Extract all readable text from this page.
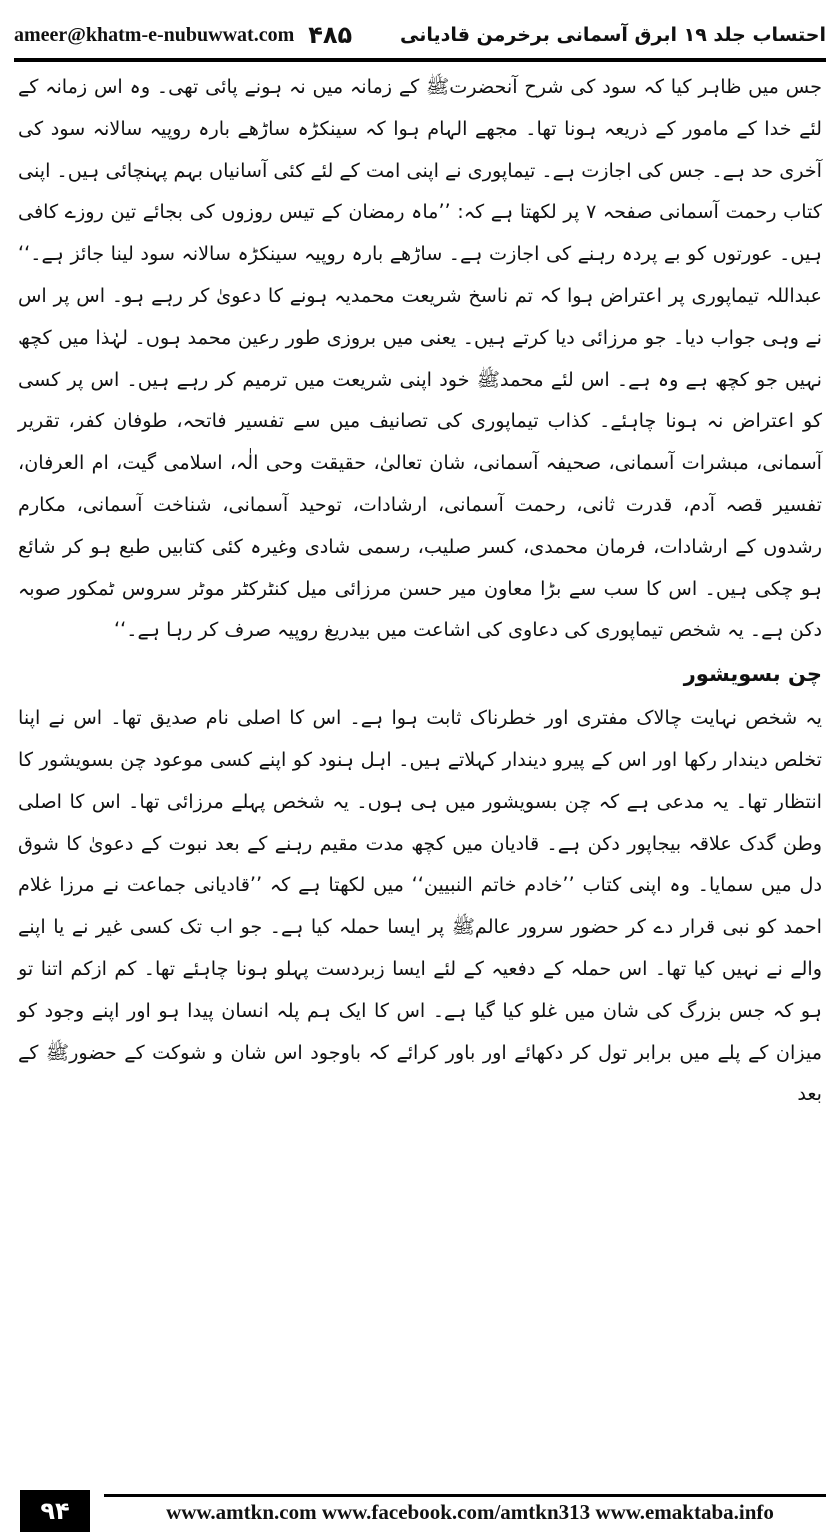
ameer@khatm-e-nubuwwat.com ۴۸۵	احتساب جلد ۱۹ ابرق آسمانی برخرمن قادیانی

جس میں ظاہر کیا کہ سود کی شرح آنحضرتﷺ کے زمانہ میں نہ ہونے پائی تھی۔ وہ اس زمانہ کے لئے خدا کے مامور کے ذریعہ ہونا تھا۔ مجھے الہام ہوا کہ سینکڑہ ساڑھے بارہ روپیہ سالانہ سود کی آخری حد ہے۔ جس کی اجازت ہے۔ تیماپوری نے اپنی امت کے لئے کئی آسانیاں بہم پہنچائی ہیں۔ اپنی کتاب رحمت آسمانی صفحہ ۷ پر لکھتا ہے کہ: ’’ماہ رمضان کے تیس روزوں کی بجائے تین روزے کافی ہیں۔ عورتوں کو بے پردہ رہنے کی اجازت ہے۔ ساڑھے بارہ روپیہ سینکڑہ سالانہ سود لینا جائز ہے۔‘‘ عبداللہ تیماپوری پر اعتراض ہوا کہ تم ناسخ شریعت محمدیہ ہونے کا دعویٰ کر رہے ہو۔ اس پر اس نے وہی جواب دیا۔ جو مرزائی دیا کرتے ہیں۔ یعنی میں بروزی طور رعین محمد ہوں۔ لہٰذا میں کچھ نہیں جو کچھ ہے وہ ہے۔ اس لئے محمدﷺ خود اپنی شریعت میں ترمیم کر رہے ہیں۔ اس پر کسی کو اعتراض نہ ہونا چاہئے۔ کذاب تیماپوری کی تصانیف میں سے تفسیر فاتحہ، طوفان کفر، تقریر آسمانی، مبشرات آسمانی، صحیفہ آسمانی، شان تعالیٰ، حقیقت وحی الٰہ، اسلامی گیت، ام العرفان، تفسیر قصہ آدم، قدرت ثانی، رحمت آسمانی، ارشادات، توحید آسمانی، شناخت آسمانی، مکارم رشدوں کے ارشادات، فرمان محمدی، کسر صلیب، رسمی شادی وغیرہ کئی کتابیں طبع ہو کر شائع ہو چکی ہیں۔ اس کا سب سے بڑا معاون میر حسن مرزائی میل کنٹرکٹر موٹر سروس ٹمکور صوبہ دکن ہے۔ یہ شخص تیماپوری کی دعاوی کی اشاعت میں بیدریغ روپیہ صرف کر رہا ہے۔‘‘

چن بسویشور

یہ شخص نہایت چالاک مفتری اور خطرناک ثابت ہوا ہے۔ اس کا اصلی نام صدیق تھا۔ اس نے اپنا تخلص دیندار رکھا اور اس کے پیرو دیندار کہلاتے ہیں۔ اہل ہنود کو اپنے کسی موعود چن بسویشور کا انتظار تھا۔ یہ مدعی ہے کہ چن بسویشور میں ہی ہوں۔ یہ شخص پہلے مرزائی تھا۔ اس کا اصلی وطن گدک علاقہ بیجاپور دکن ہے۔ قادیان میں کچھ مدت مقیم رہنے کے بعد نبوت کے دعویٰ کا شوق دل میں سمایا۔ وہ اپنی کتاب ’’خادم خاتم النبیین‘‘ میں لکھتا ہے کہ ’’قادیانی جماعت نے مرزا غلام احمد کو نبی قرار دے کر حضور سرور عالمﷺ پر ایسا حملہ کیا ہے۔ جو اب تک کسی غیر نے یا اپنے والے نے نہیں کیا تھا۔ اس حملہ کے دفعیہ کے لئے ایسا زبردست پہلو ہونا چاہئے تھا۔ کم ازکم اتنا تو ہو کہ جس بزرگ کی شان میں غلو کیا گیا ہے۔ اس کا ایک ہم پلہ انسان پیدا ہو اور اپنے وجود کو میزان کے پلے میں برابر تول کر دکھائے اور باور کرائے کہ باوجود اس شان و شوکت کے حضورﷺ کے بعد

۹۴	www.amtkn.com www.facebook.com/amtkn313 www.emaktaba.info
